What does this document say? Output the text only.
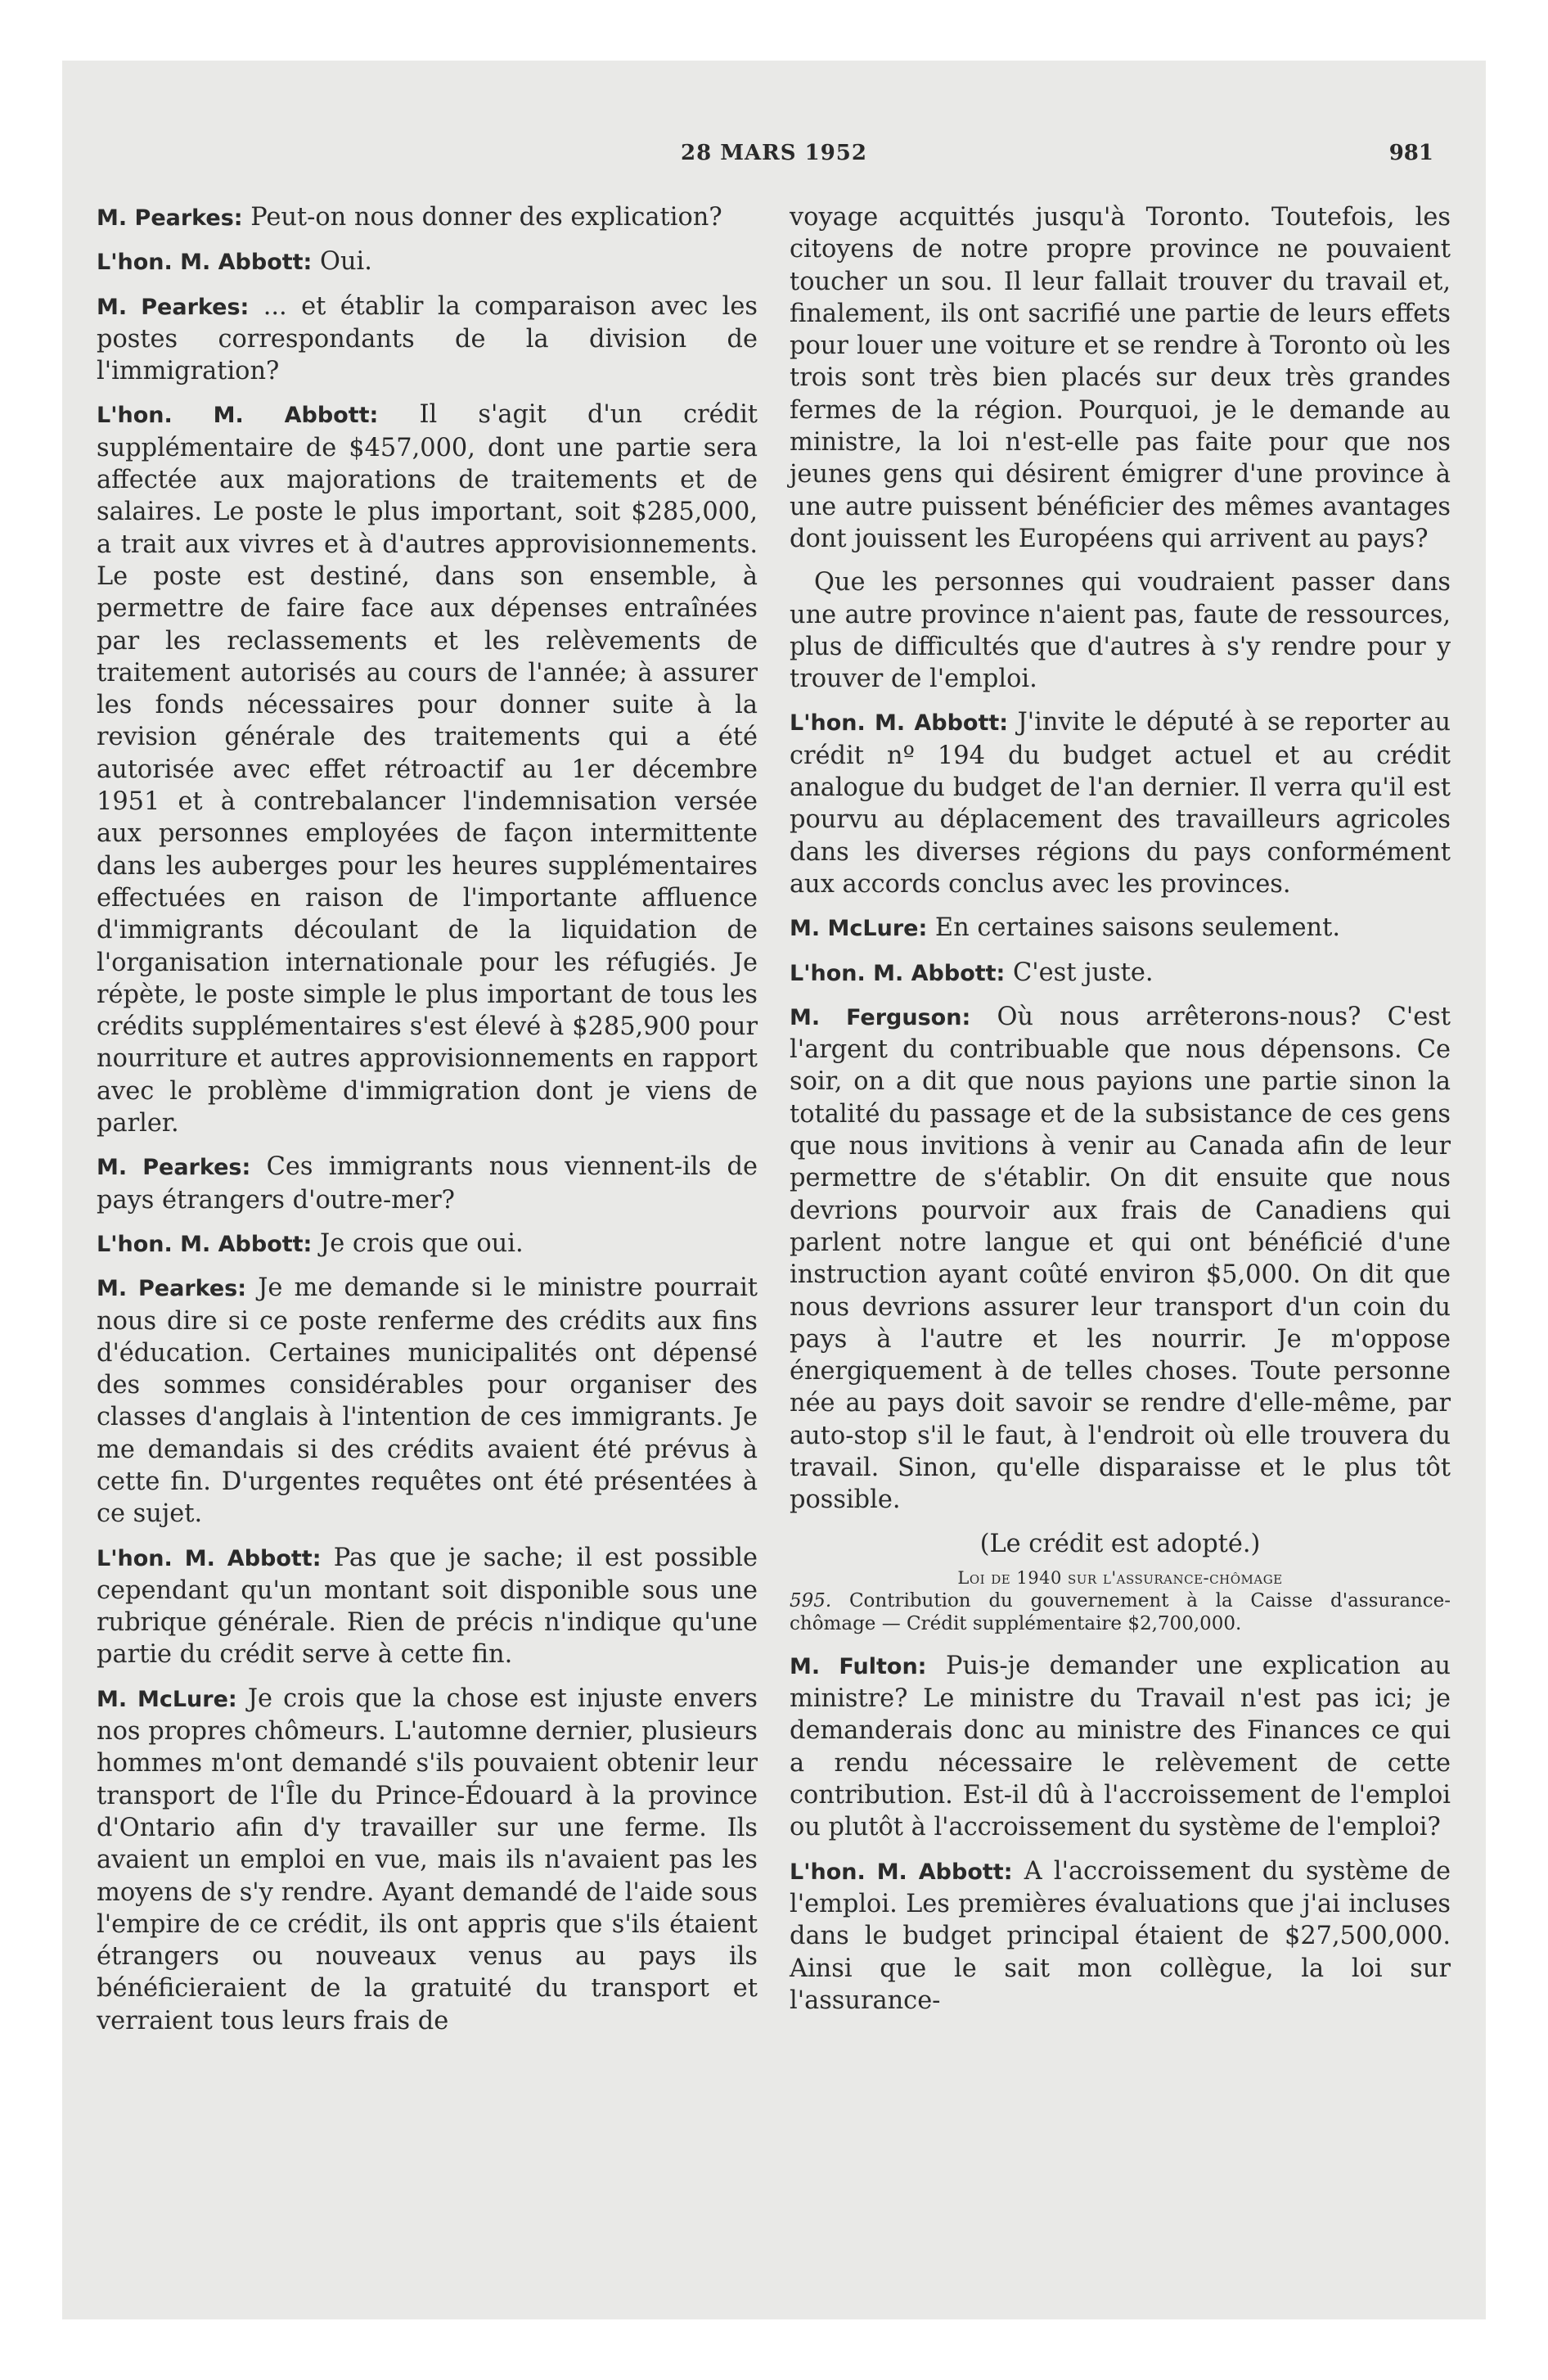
28 MARS 1952	981

M. Pearkes: Peut-on nous donner des explication?

L'hon. M. Abbott: Oui.

M. Pearkes: ... et établir la comparaison avec les postes correspondants de la division de l'immigration?

L'hon. M. Abbott: Il s'agit d'un crédit supplémentaire de $457,000, dont une partie sera affectée aux majorations de traitements et de salaires. Le poste le plus important, soit $285,000, a trait aux vivres et à d'autres approvisionnements. Le poste est destiné, dans son ensemble, à permettre de faire face aux dépenses entraînées par les reclassements et les relèvements de traitement autorisés au cours de l'année; à assurer les fonds nécessaires pour donner suite à la revision générale des traitements qui a été autorisée avec effet rétroactif au 1er décembre 1951 et à contrebalancer l'indemnisation versée aux personnes employées de façon intermittente dans les auberges pour les heures supplémentaires effectuées en raison de l'importante affluence d'immigrants découlant de la liquidation de l'organisation internationale pour les réfugiés. Je répète, le poste simple le plus important de tous les crédits supplémentaires s'est élevé à $285,900 pour nourriture et autres approvisionnements en rapport avec le problème d'immigration dont je viens de parler.

M. Pearkes: Ces immigrants nous viennent-ils de pays étrangers d'outre-mer?

L'hon. M. Abbott: Je crois que oui.

M. Pearkes: Je me demande si le ministre pourrait nous dire si ce poste renferme des crédits aux fins d'éducation. Certaines municipalités ont dépensé des sommes considérables pour organiser des classes d'anglais à l'intention de ces immigrants. Je me demandais si des crédits avaient été prévus à cette fin. D'urgentes requêtes ont été présentées à ce sujet.

L'hon. M. Abbott: Pas que je sache; il est possible cependant qu'un montant soit disponible sous une rubrique générale. Rien de précis n'indique qu'une partie du crédit serve à cette fin.

M. McLure: Je crois que la chose est injuste envers nos propres chômeurs. L'automne dernier, plusieurs hommes m'ont demandé s'ils pouvaient obtenir leur transport de l'Île du Prince-Édouard à la province d'Ontario afin d'y travailler sur une ferme. Ils avaient un emploi en vue, mais ils n'avaient pas les moyens de s'y rendre. Ayant demandé de l'aide sous l'empire de ce crédit, ils ont appris que s'ils étaient étrangers ou nouveaux venus au pays ils bénéficieraient de la gratuité du transport et verraient tous leurs frais de

voyage acquittés jusqu'à Toronto. Toutefois, les citoyens de notre propre province ne pouvaient toucher un sou. Il leur fallait trouver du travail et, finalement, ils ont sacrifié une partie de leurs effets pour louer une voiture et se rendre à Toronto où les trois sont très bien placés sur deux très grandes fermes de la région. Pourquoi, je le demande au ministre, la loi n'est-elle pas faite pour que nos jeunes gens qui désirent émigrer d'une province à une autre puissent bénéficier des mêmes avantages dont jouissent les Européens qui arrivent au pays?

Que les personnes qui voudraient passer dans une autre province n'aient pas, faute de ressources, plus de difficultés que d'autres à s'y rendre pour y trouver de l'emploi.

L'hon. M. Abbott: J'invite le député à se reporter au crédit nº 194 du budget actuel et au crédit analogue du budget de l'an dernier. Il verra qu'il est pourvu au déplacement des travailleurs agricoles dans les diverses régions du pays conformément aux accords conclus avec les provinces.

M. McLure: En certaines saisons seulement.

L'hon. M. Abbott: C'est juste.

M. Ferguson: Où nous arrêterons-nous? C'est l'argent du contribuable que nous dépensons. Ce soir, on a dit que nous payions une partie sinon la totalité du passage et de la subsistance de ces gens que nous invitions à venir au Canada afin de leur permettre de s'établir. On dit ensuite que nous devrions pourvoir aux frais de Canadiens qui parlent notre langue et qui ont bénéficié d'une instruction ayant coûté environ $5,000. On dit que nous devrions assurer leur transport d'un coin du pays à l'autre et les nourrir. Je m'oppose énergiquement à de telles choses. Toute personne née au pays doit savoir se rendre d'elle-même, par auto-stop s'il le faut, à l'endroit où elle trouvera du travail. Sinon, qu'elle disparaisse et le plus tôt possible.

(Le crédit est adopté.)

Loi de 1940 sur l'assurance-chômage

595. Contribution du gouvernement à la Caisse d'assurance-chômage — Crédit supplémentaire $2,700,000.

M. Fulton: Puis-je demander une explication au ministre? Le ministre du Travail n'est pas ici; je demanderais donc au ministre des Finances ce qui a rendu nécessaire le relèvement de cette contribution. Est-il dû à l'accroissement de l'emploi ou plutôt à l'accroissement du système de l'emploi?

L'hon. M. Abbott: A l'accroissement du système de l'emploi. Les premières évaluations que j'ai incluses dans le budget principal étaient de $27,500,000. Ainsi que le sait mon collègue, la loi sur l'assurance-
